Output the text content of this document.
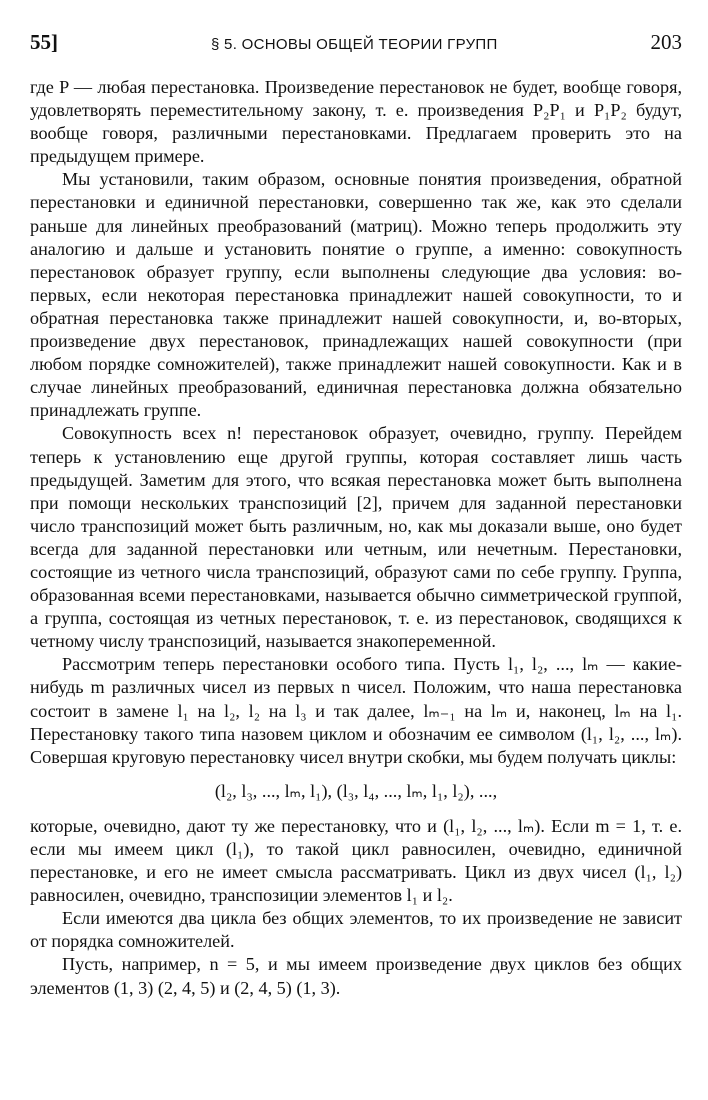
55]	§ 5. ОСНОВЫ ОБЩЕЙ ТЕОРИИ ГРУПП	203

где P — любая перестановка. Произведение перестановок не будет, вообще говоря, удовлетворять переместительному закону, т. е. произведения P₂P₁ и P₁P₂ будут, вообще говоря, различными перестановками. Предлагаем проверить это на предыдущем примере.

Мы установили, таким образом, основные понятия произведения, обратной перестановки и единичной перестановки, совершенно так же, как это сделали раньше для линейных преобразований (матриц). Можно теперь продолжить эту аналогию и дальше и установить понятие о группе, а именно: совокупность перестановок образует группу, если выполнены следующие два условия: во-первых, если некоторая перестановка принадлежит нашей совокупности, то и обратная перестановка также принадлежит нашей совокупности, и, во-вторых, произведение двух перестановок, принадлежащих нашей совокупности (при любом порядке сомножителей), также принадлежит нашей совокупности. Как и в случае линейных преобразований, единичная перестановка должна обязательно принадлежать группе.

Совокупность всех n! перестановок образует, очевидно, группу. Перейдем теперь к установлению еще другой группы, которая составляет лишь часть предыдущей. Заметим для этого, что всякая перестановка может быть выполнена при помощи нескольких транспозиций [2], причем для заданной перестановки число транспозиций может быть различным, но, как мы доказали выше, оно будет всегда для заданной перестановки или четным, или нечетным. Перестановки, состоящие из четного числа транспозиций, образуют сами по себе группу. Группа, образованная всеми перестановками, называется обычно симметрической группой, а группа, состоящая из четных перестановок, т. е. из перестановок, сводящихся к четному числу транспозиций, называется знакопеременной.

Рассмотрим теперь перестановки особого типа. Пусть l₁, l₂, ..., lₘ — какие-нибудь m различных чисел из первых n чисел. Положим, что наша перестановка состоит в замене l₁ на l₂, l₂ на l₃ и так далее, lₘ₋₁ на lₘ и, наконец, lₘ на l₁. Перестановку такого типа назовем циклом и обозначим ее символом (l₁, l₂, ..., lₘ). Совершая круговую перестановку чисел внутри скобки, мы будем получать циклы:

(l₂, l₃, ..., lₘ, l₁), (l₃, l₄, ..., lₘ, l₁, l₂), ...,

которые, очевидно, дают ту же перестановку, что и (l₁, l₂, ..., lₘ). Если m = 1, т. е. если мы имеем цикл (l₁), то такой цикл равносилен, очевидно, единичной перестановке, и его не имеет смысла рассматривать. Цикл из двух чисел (l₁, l₂) равносилен, очевидно, транспозиции элементов l₁ и l₂.

Если имеются два цикла без общих элементов, то их произведение не зависит от порядка сомножителей.

Пусть, например, n = 5, и мы имеем произведение двух циклов без общих элементов (1, 3) (2, 4, 5) и (2, 4, 5) (1, 3).
